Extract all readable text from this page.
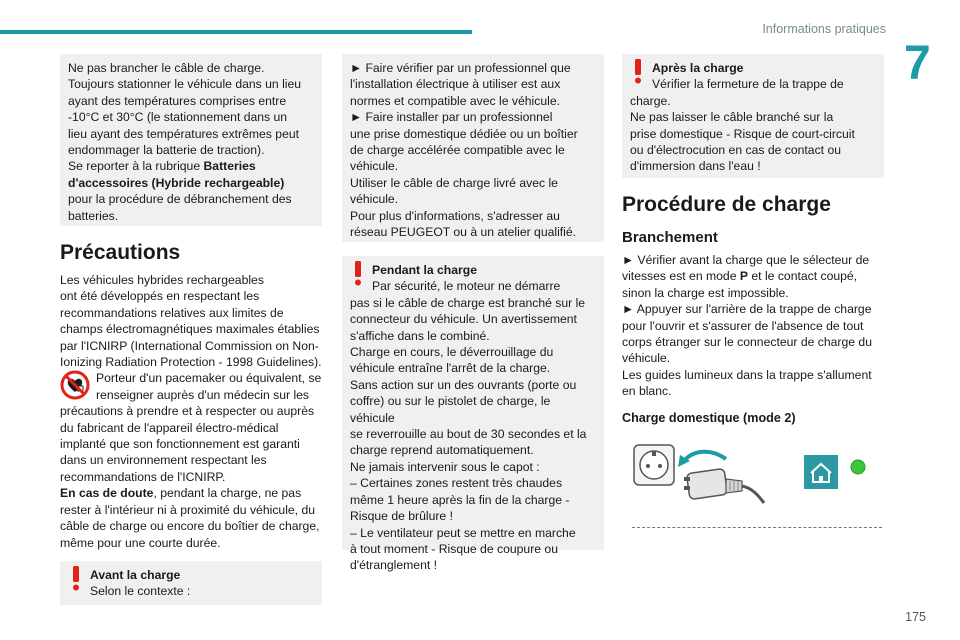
Informations pratiques
7
175

Ne pas brancher le câble de charge.

Toujours stationner le véhicule dans un lieu

ayant des températures comprises entre

-10°C et 30°C (le stationnement dans un

lieu ayant des températures extrêmes peut

endommager la batterie de traction).

Se reporter à la rubrique Batteries

d'accessoires (Hybride rechargeable)

pour la procédure de débranchement des

batteries.

Précautions

Les véhicules hybrides rechargeables

ont été développés en respectant les

recommandations relatives aux limites de

champs électromagnétiques maximales établies

par l'ICNIRP (International Commission on Non-

Ionizing Radiation Protection - 1998 Guidelines).

Porteur d'un pacemaker ou équivalent, se

renseigner auprès d'un médecin sur les

précautions à prendre et à respecter ou auprès

du fabricant de l'appareil électro-médical

implanté que son fonctionnement est garanti

dans un environnement respectant les

recommandations de l'ICNIRP.

En cas de doute, pendant la charge, ne pas

rester à l'intérieur ni à proximité du véhicule, du

câble de charge ou encore du boîtier de charge,

même pour une courte durée.

Avant la charge

Selon le contexte :

► Faire vérifier par un professionnel que

l'installation électrique à utiliser est aux

normes et compatible avec le véhicule.

► Faire installer par un professionnel

une prise domestique dédiée ou un boîtier

de charge accélérée compatible avec le

véhicule.

Utiliser le câble de charge livré avec le

véhicule.

Pour plus d'informations, s'adresser au

réseau PEUGEOT ou à un atelier qualifié.

Pendant la charge

Par sécurité, le moteur ne démarre

pas si le câble de charge est branché sur le

connecteur du véhicule. Un avertissement

s'affiche dans le combiné.

Charge en cours, le déverrouillage du

véhicule entraîne l'arrêt de la charge.

Sans action sur un des ouvrants (porte ou

coffre) ou sur le pistolet de charge, le véhicule

se reverrouille au bout de 30 secondes et la

charge reprend automatiquement.

Ne jamais intervenir sous le capot :

– Certaines zones restent très chaudes

même 1 heure après la fin de la charge -

Risque de brûlure !

– Le ventilateur peut se mettre en marche

à tout moment - Risque de coupure ou

d'étranglement !

Après la charge

Vérifier la fermeture de la trappe de

charge.

Ne pas laisser le câble branché sur la

prise domestique - Risque de court-circuit

ou d'électrocution en cas de contact ou

d'immersion dans l'eau !

Procédure de charge
Branchement

► Vérifier avant la charge que le sélecteur de

vitesses est en mode P et le contact coupé,

sinon la charge est impossible.

► Appuyer sur l'arrière de la trappe de charge

pour l'ouvrir et s'assurer de l'absence de tout

corps étranger sur le connecteur de charge du

véhicule.

Les guides lumineux dans la trappe s'allument

en blanc.

Charge domestique (mode 2)
